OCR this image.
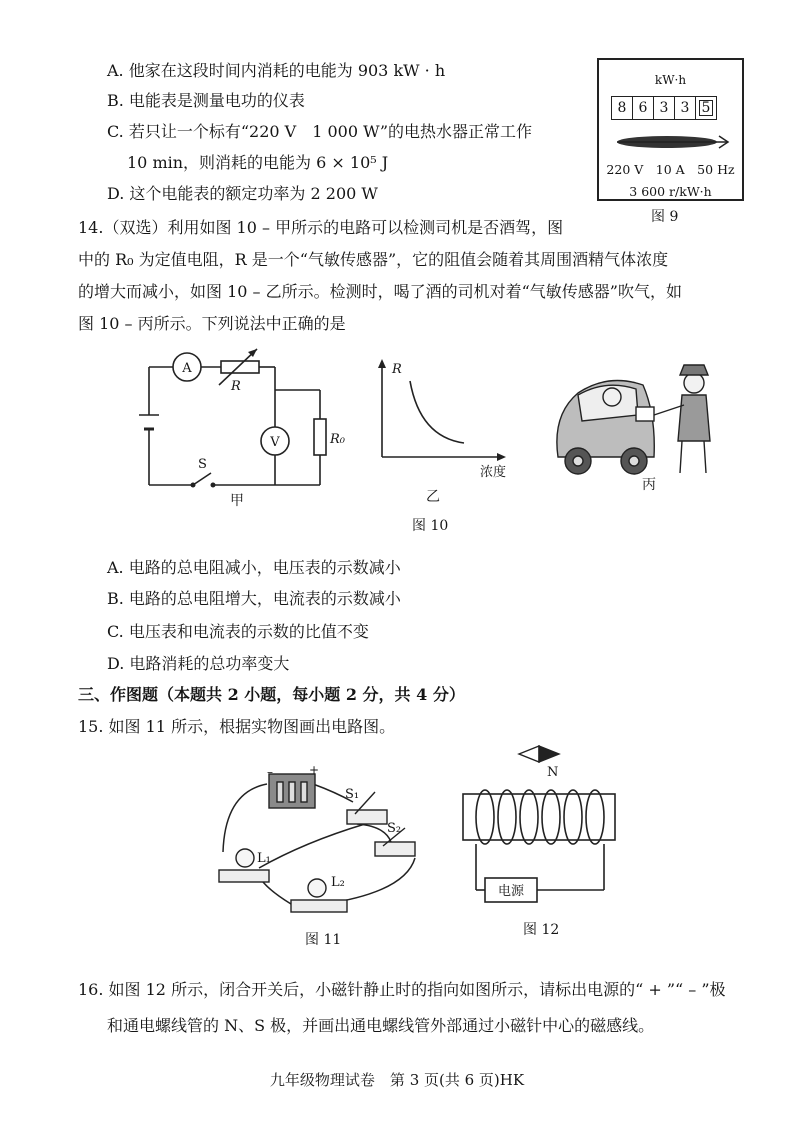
A. 他家在这段时间内消耗的电能为 903 kW · h
B. 电能表是测量电功的仪表
C. 若只让一个标有“220 V　1 000 W”的电热水器正常工作
10 min，则消耗的电能为 6 × 10⁵ J
D. 这个电能表的额定功率为 2 200 W
kW·h
8 6 3 3 5
220 V　10 A　50 Hz
3 600 r/kW·h
图 9
14.（双选）利用如图 10 – 甲所示的电路可以检测司机是否酒驾，图
中的 R₀ 为定值电阻，R 是一个“气敏传感器”，它的阻值会随着其周围酒精气体浓度
的增大而减小，如图 10 – 乙所示。检测时，喝了酒的司机对着“气敏传感器”吹气，如
图 10 – 丙所示。下列说法中正确的是
A
V
R
R₀
S
甲
R
浓度
乙
丙
图 10
A. 电路的总电阻减小，电压表的示数减小
B. 电路的总电阻增大，电流表的示数减小
C. 电压表和电流表的示数的比值不变
D. 电路消耗的总功率变大
三、作图题（本题共 2 小题，每小题 2 分，共 4 分）
15. 如图 11 所示，根据实物图画出电路图。
–	+
S₁
S₂
L₁
L₂
图 11
N
电源
图 12
16. 如图 12 所示，闭合开关后，小磁针静止时的指向如图所示，请标出电源的“ + ”“ – ”极
和通电螺线管的 N、S 极，并画出通电螺线管外部通过小磁针中心的磁感线。
九年级物理试卷　第 3 页(共 6 页)HK
